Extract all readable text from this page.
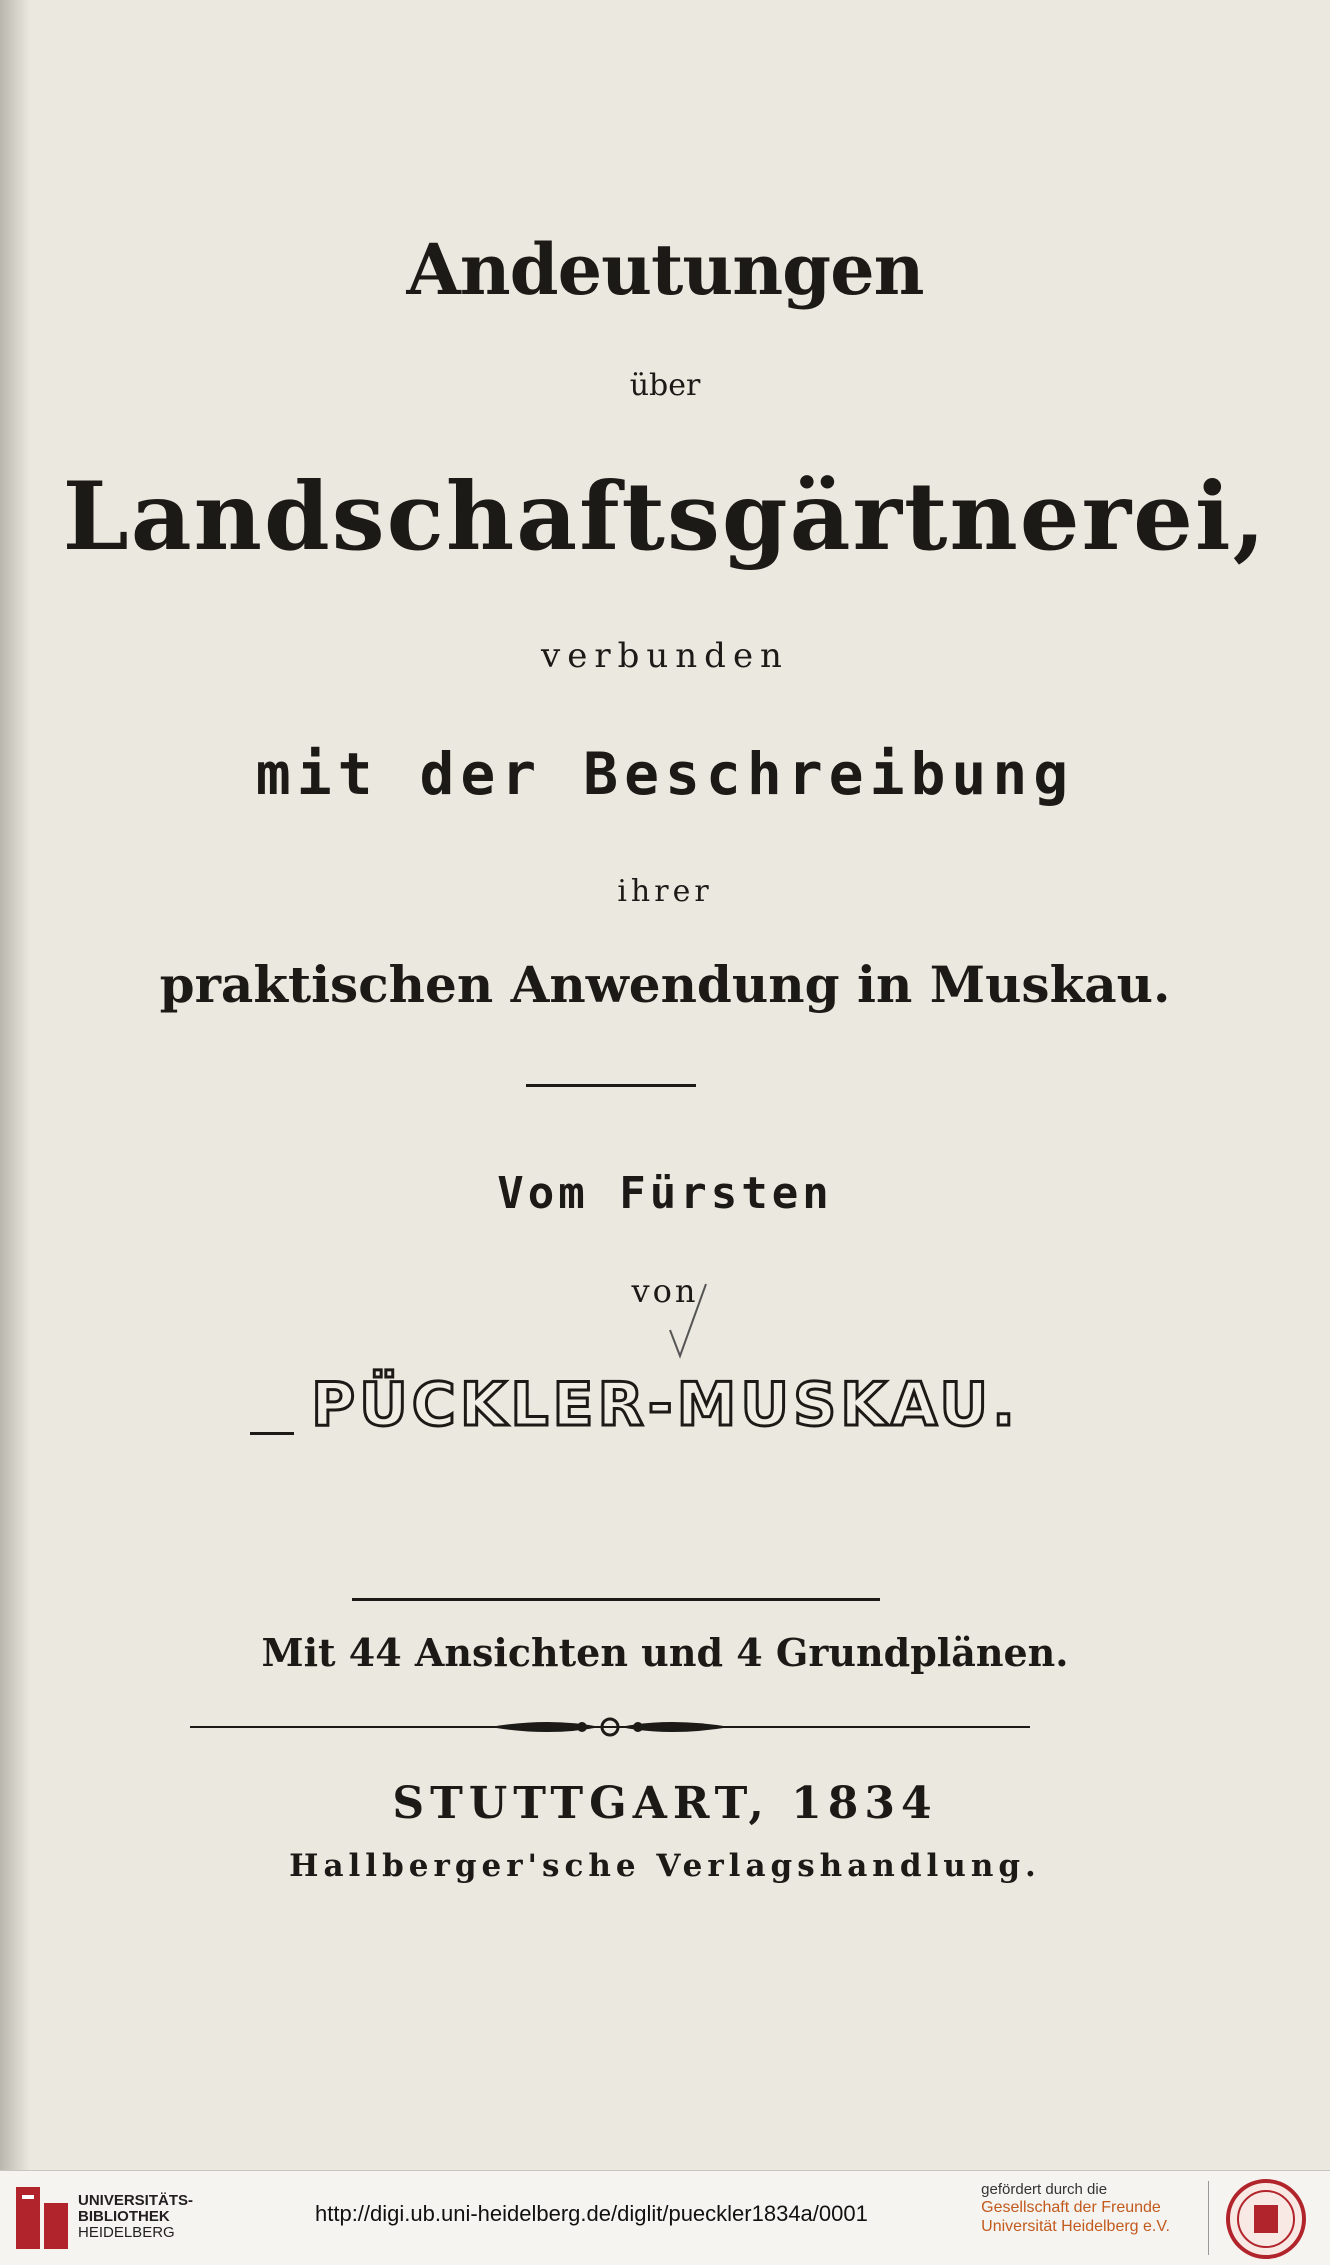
Andeutungen
über
Landschaftsgärtnerei,
verbunden
mit der Beschreibung
ihrer
praktischen Anwendung in Muskau.
Vom Fürsten
von
PÜCKLER-MUSKAU.
Mit 44 Ansichten und 4 Grundplänen.
STUTTGART, 1834
Hallberger'sche Verlagshandlung.
UNIVERSITÄTS-
BIBLIOTHEK
HEIDELBERG
http://digi.ub.uni-heidelberg.de/diglit/pueckler1834a/0001
gefördert durch die
Gesellschaft der Freunde
Universität Heidelberg e.V.
